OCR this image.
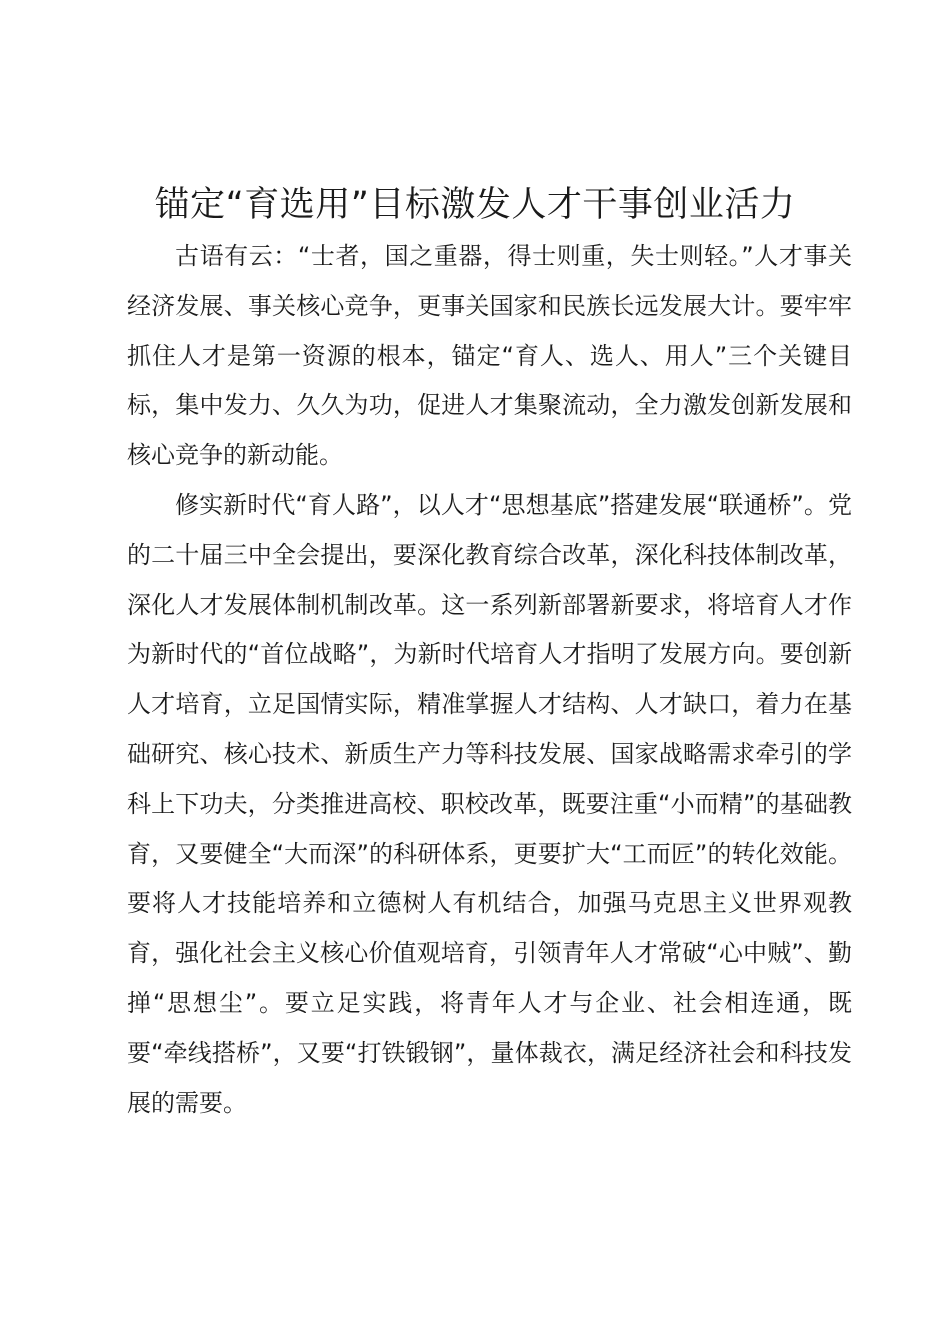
锚定“育选用”目标激发人才干事创业活力

古语有云：“士者，国之重器，得士则重，失士则轻。”人才事关经济发展、事关核心竞争，更事关国家和民族长远发展大计。要牢牢抓住人才是第一资源的根本，锚定“育人、选人、用人”三个关键目标，集中发力、久久为功，促进人才集聚流动，全力激发创新发展和核心竞争的新动能。

修实新时代“育人路”，以人才“思想基底”搭建发展“联通桥”。党的二十届三中全会提出，要深化教育综合改革，深化科技体制改革，深化人才发展体制机制改革。这一系列新部署新要求，将培育人才作为新时代的“首位战略”，为新时代培育人才指明了发展方向。要创新人才培育，立足国情实际，精准掌握人才结构、人才缺口，着力在基础研究、核心技术、新质生产力等科技发展、国家战略需求牵引的学科上下功夫，分类推进高校、职校改革，既要注重“小而精”的基础教育，又要健全“大而深”的科研体系，更要扩大“工而匠”的转化效能。要将人才技能培养和立德树人有机结合，加强马克思主义世界观教育，强化社会主义核心价值观培育，引领青年人才常破“心中贼”、勤掸“思想尘”。要立足实践，将青年人才与企业、社会相连通，既要“牵线搭桥”，又要“打铁锻钢”，量体裁衣，满足经济社会和科技发展的需要。
